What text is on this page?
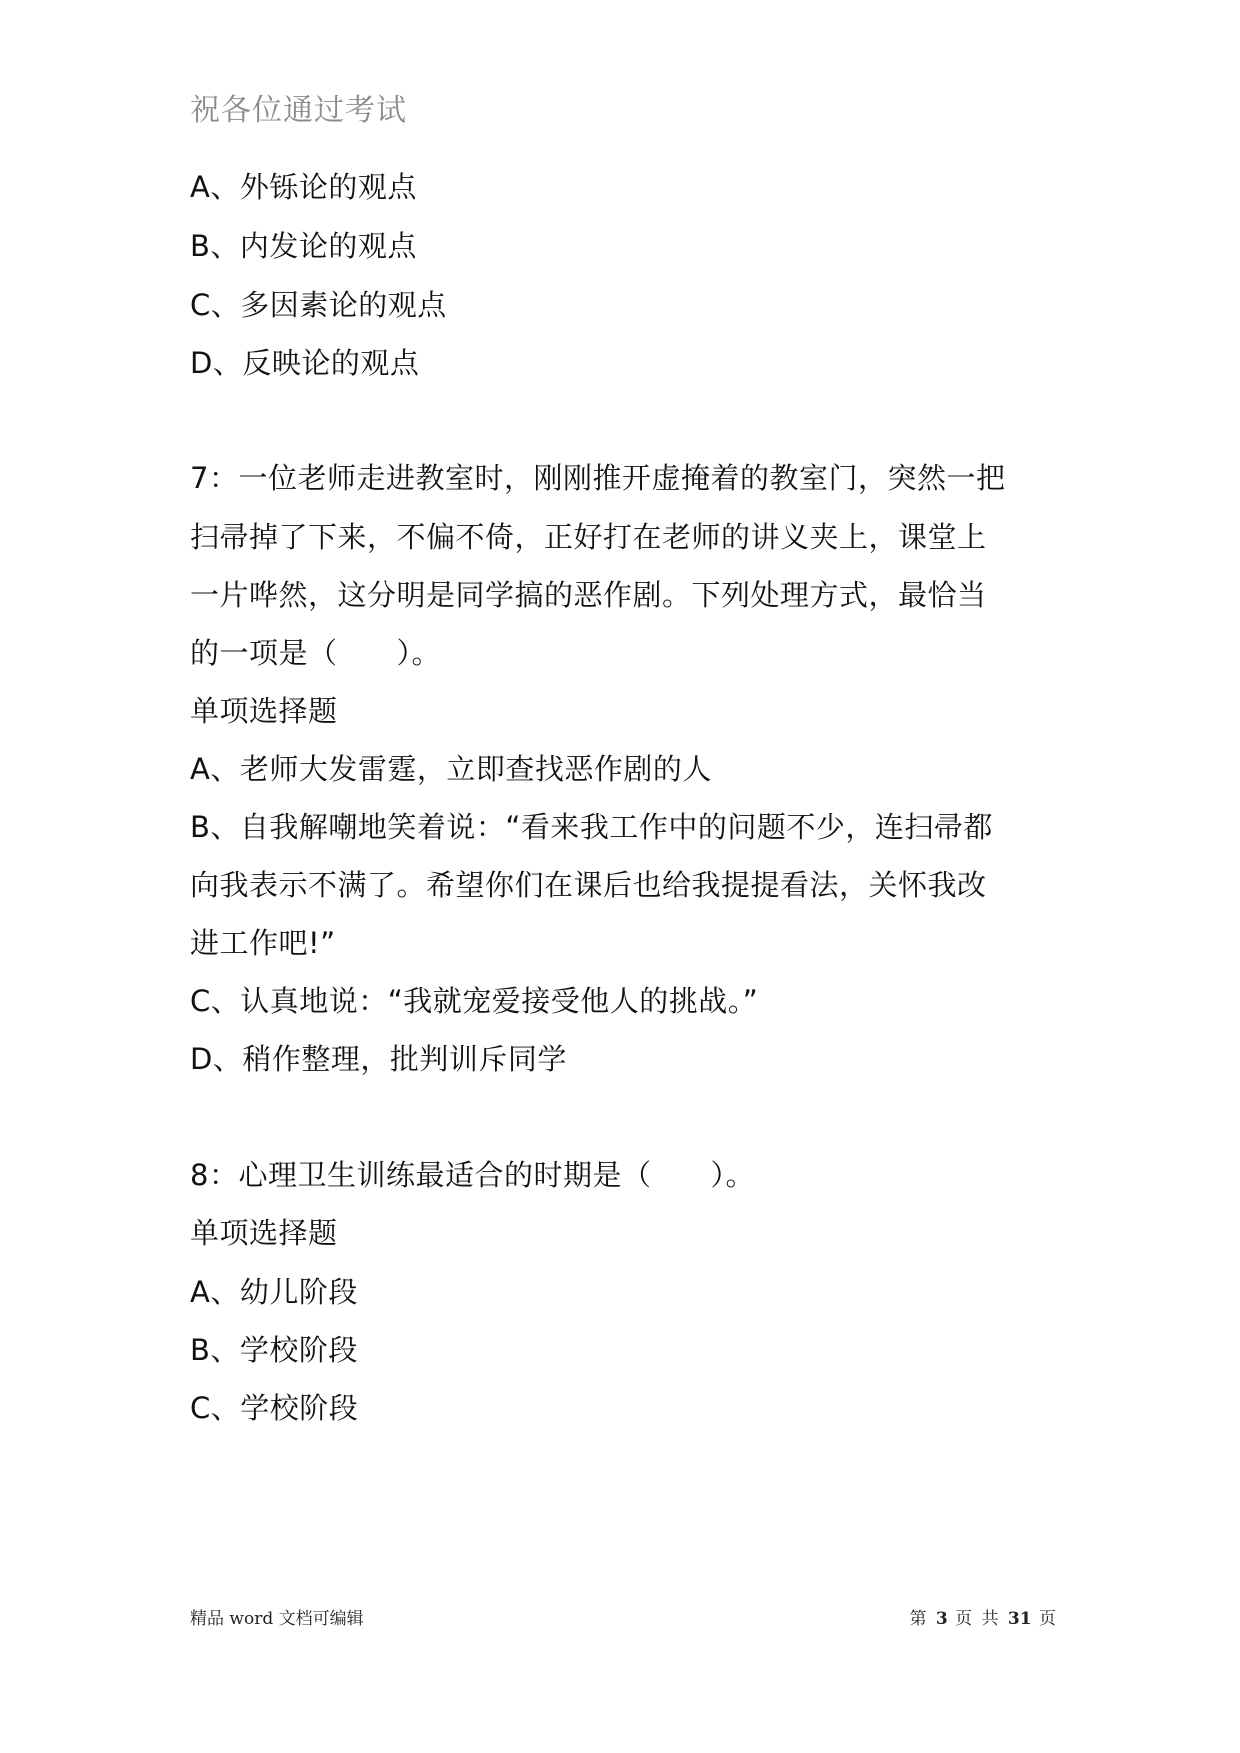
祝各位通过考试
A、外铄论的观点
B、内发论的观点
C、多因素论的观点
D、反映论的观点
7：一位老师走进教室时，刚刚推开虚掩着的教室门，突然一把
扫帚掉了下来，不偏不倚，正好打在老师的讲义夹上，课堂上
一片哗然，这分明是同学搞的恶作剧。下列处理方式，最恰当
的一项是（　　）。
单项选择题
A、老师大发雷霆，立即查找恶作剧的人
B、自我解嘲地笑着说：“看来我工作中的问题不少，连扫帚都
向我表示不满了。希望你们在课后也给我提提看法，关怀我改
进工作吧!”
C、认真地说：“我就宠爱接受他人的挑战。”
D、稍作整理，批判训斥同学
8：心理卫生训练最适合的时期是（　　）。
单项选择题
A、幼儿阶段
B、学校阶段
C、学校阶段
精品 word 文档可编辑	第 3 页 共 31 页
